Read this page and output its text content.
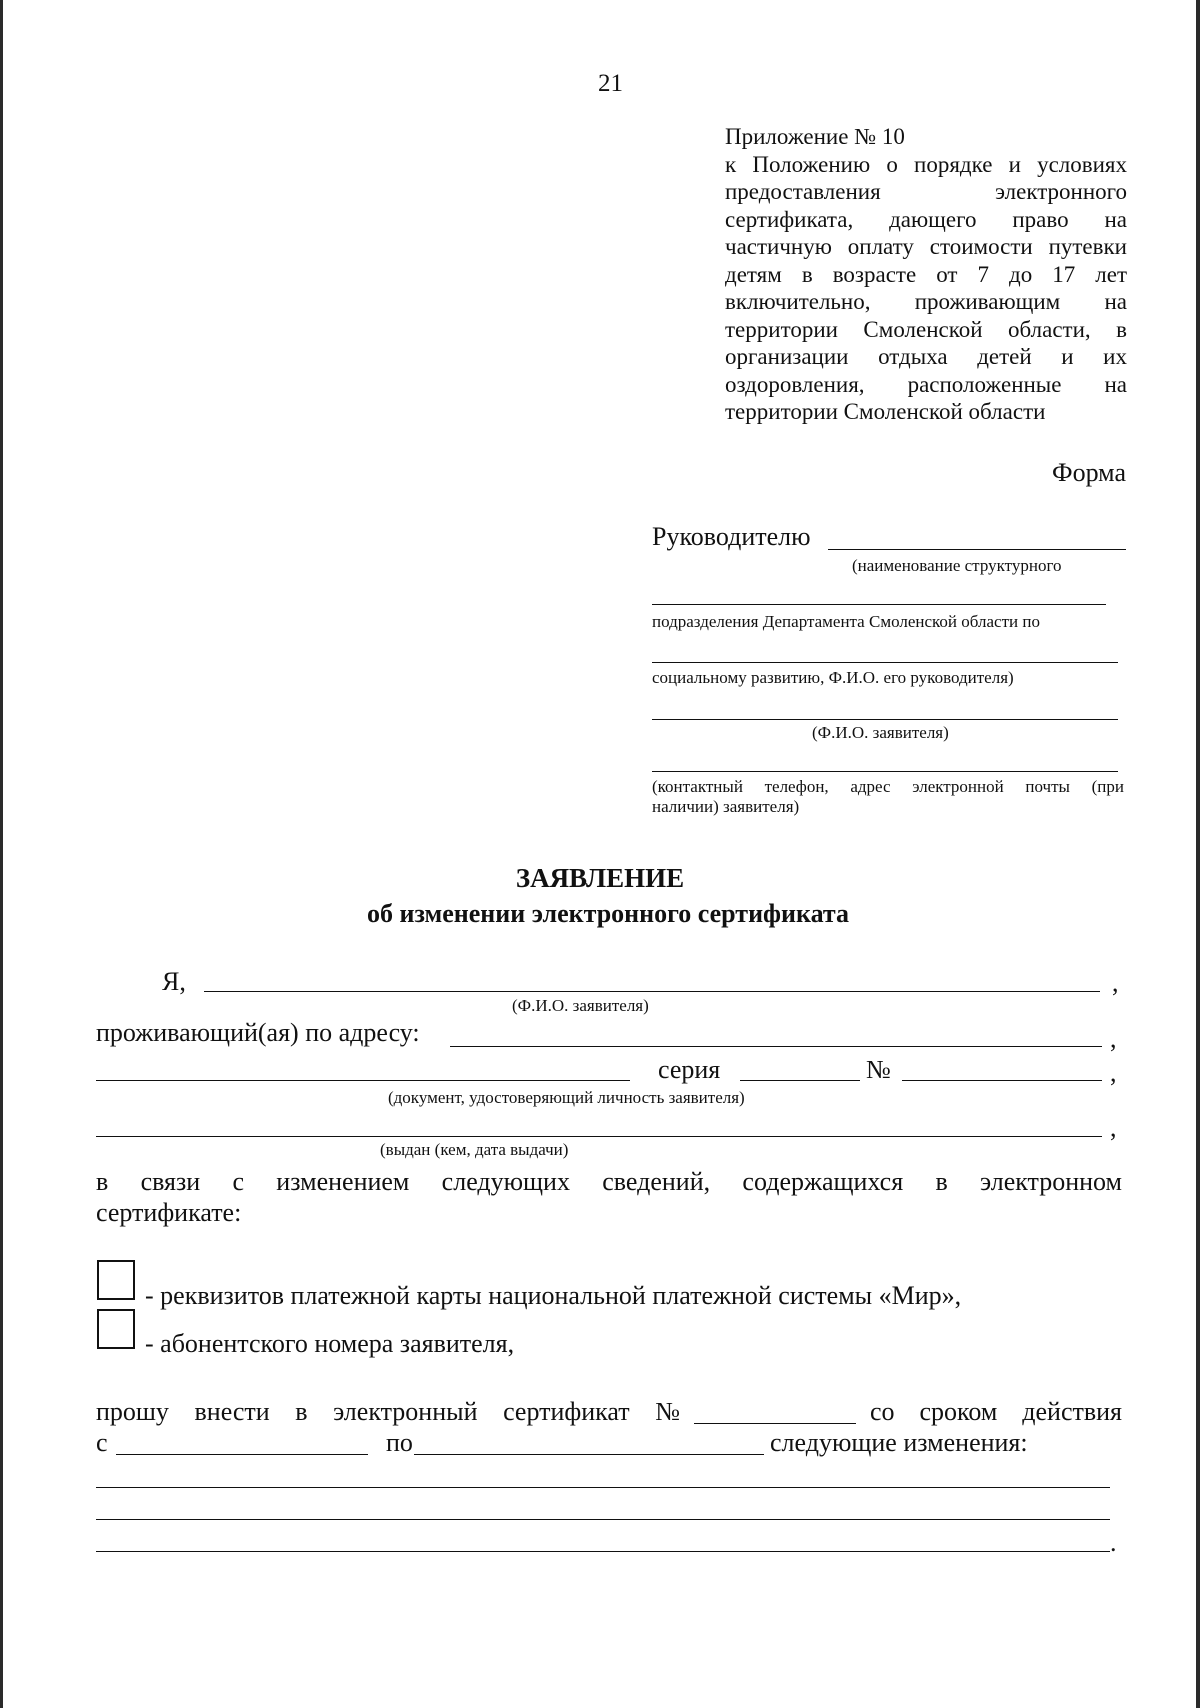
21
Приложение № 10
к Положению о порядке и условиях
предоставления электронного
сертификата, дающего право на
частичную оплату стоимости путевки
детям в возрасте от 7 до 17 лет
включительно, проживающим на
территории Смоленской области, в
организации отдыха детей и их
оздоровления, расположенные на
территории Смоленской области
Форма
Руководителю
(наименование структурного
подразделения Департамента Смоленской области по
социальному развитию, Ф.И.О. его руководителя)
(Ф.И.О. заявителя)
(контактный телефон, адрес электронной почты (при
наличии) заявителя)
ЗАЯВЛЕНИЕ
об изменении электронного сертификата
Я,	,
(Ф.И.О. заявителя)
проживающий(ая) по адресу:	,
серия	№	,
(документ, удостоверяющий личность заявителя)
,
(выдан (кем, дата выдачи)
в связи с изменением следующих сведений, содержащихся в электронном
сертификате:
- реквизитов платежной карты национальной платежной системы «Мир»,
- абонентского номера заявителя,
прошу внести в электронный сертификат №	со сроком действия
с	по	следующие изменения:
.
